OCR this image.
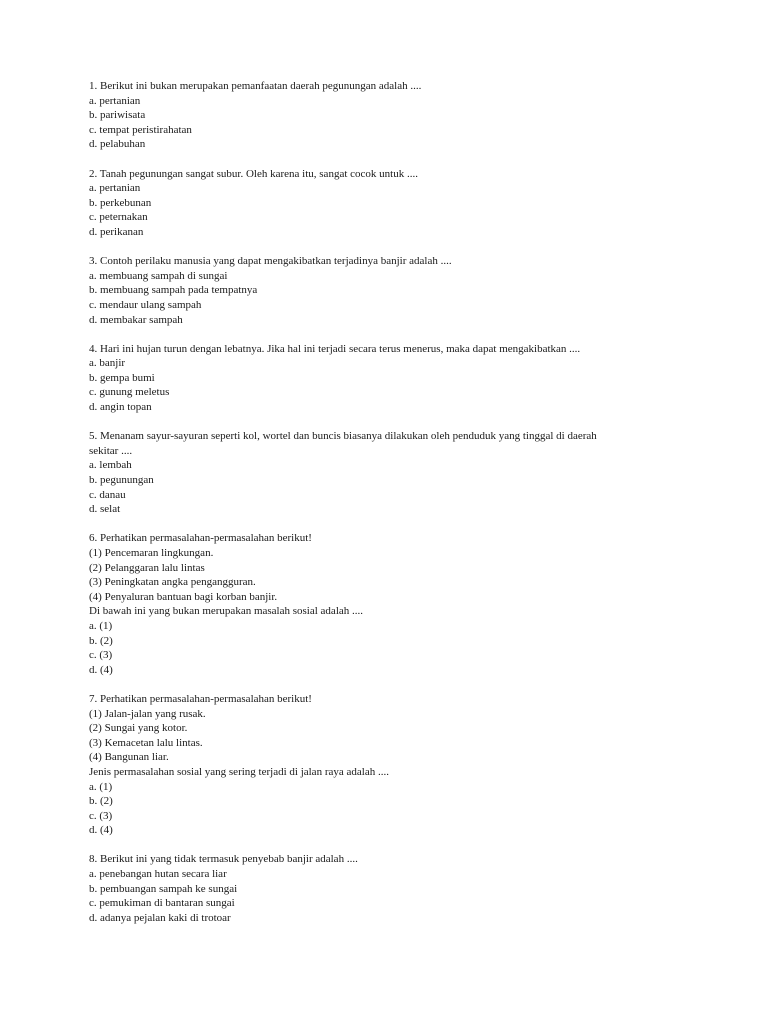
1. Berikut ini bukan merupakan pemanfaatan daerah pegunungan adalah ....
a. pertanian
b. pariwisata
c. tempat peristirahatan
d. pelabuhan
2. Tanah pegunungan sangat subur. Oleh karena itu, sangat cocok untuk ....
a. pertanian
b. perkebunan
c. peternakan
d. perikanan
3. Contoh perilaku manusia yang dapat mengakibatkan terjadinya banjir adalah ....
a. membuang sampah di sungai
b. membuang sampah pada tempatnya
c. mendaur ulang sampah
d. membakar sampah
4. Hari ini hujan turun dengan lebatnya. Jika hal ini terjadi secara terus menerus, maka dapat mengakibatkan ....
a. banjir
b. gempa bumi
c. gunung meletus
d. angin topan
5. Menanam sayur-sayuran seperti kol, wortel dan buncis biasanya dilakukan oleh penduduk yang tinggal di daerah
sekitar ....
a. lembah
b. pegunungan
c. danau
d. selat
6. Perhatikan permasalahan-permasalahan berikut!
(1) Pencemaran lingkungan.
(2) Pelanggaran lalu lintas
(3) Peningkatan angka pengangguran.
(4) Penyaluran bantuan bagi korban banjir.
Di bawah ini yang bukan merupakan masalah sosial adalah ....
a. (1)
b. (2)
c. (3)
d. (4)
7. Perhatikan permasalahan-permasalahan berikut!
(1) Jalan-jalan yang rusak.
(2) Sungai yang kotor.
(3) Kemacetan lalu lintas.
(4) Bangunan liar.
Jenis permasalahan sosial yang sering terjadi di jalan raya adalah ....
a. (1)
b. (2)
c. (3)
d. (4)
8. Berikut ini yang tidak termasuk penyebab banjir adalah ....
a. penebangan hutan secara liar
b. pembuangan sampah ke sungai
c. pemukiman di bantaran sungai
d. adanya pejalan kaki di trotoar
